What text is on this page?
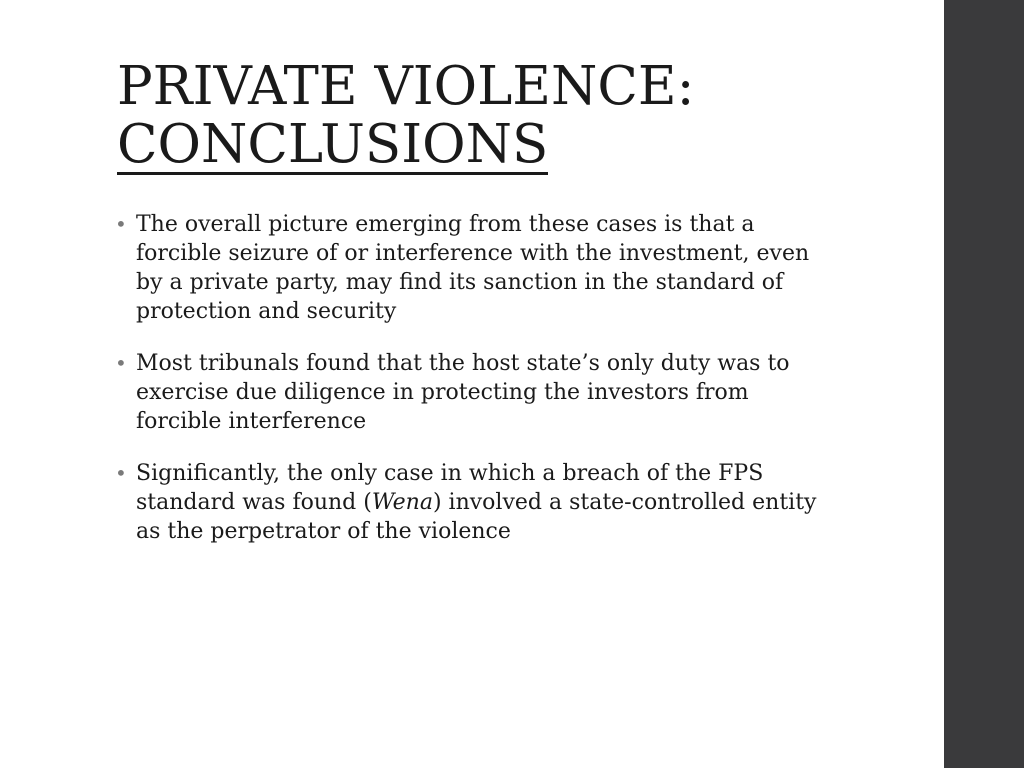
PRIVATE VIOLENCE:
CONCLUSIONS
• The overall picture emerging from these cases is that a forcible seizure of or interference with the investment, even by a private party, may find its sanction in the standard of protection and security
• Most tribunals found that the host state’s only duty was to exercise due diligence in protecting the investors from forcible interference
• Significantly, the only case in which a breach of the FPS standard was found (Wena) involved a state-controlled entity as the perpetrator of the violence
